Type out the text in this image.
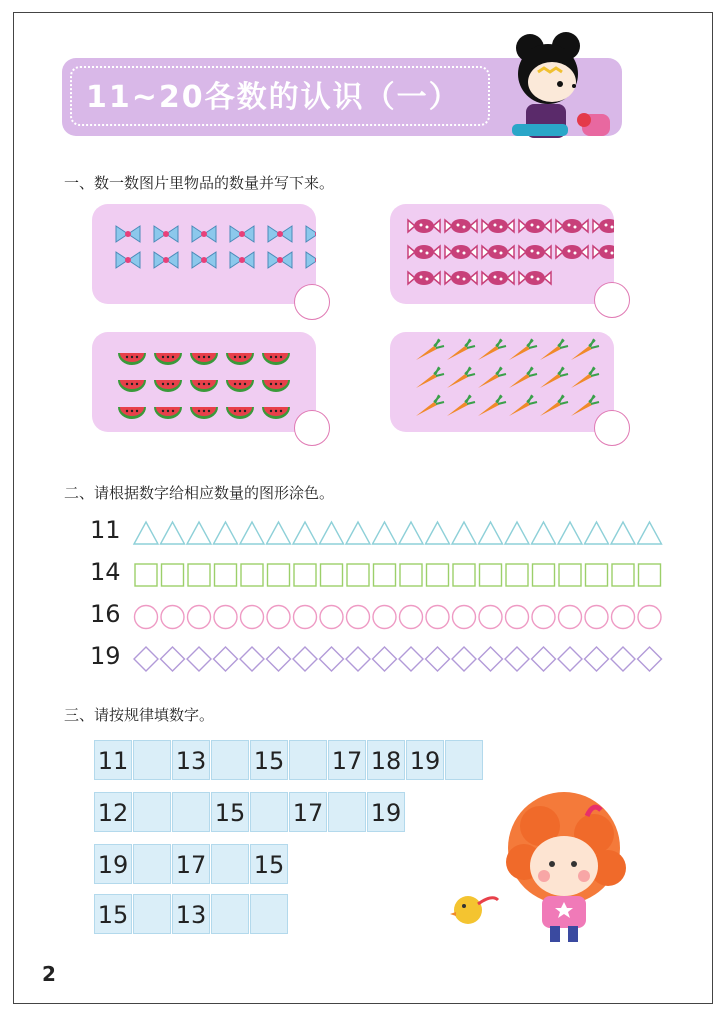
11~20各数的认识（一）
一、数一数图片里物品的数量并写下来。
二、请根据数字给相应数量的图形涂色。
11
14
16
19
三、请按规律填数字。
11 13 15 17 18 19
12	15 17 19
19 17 15
15 13
2
